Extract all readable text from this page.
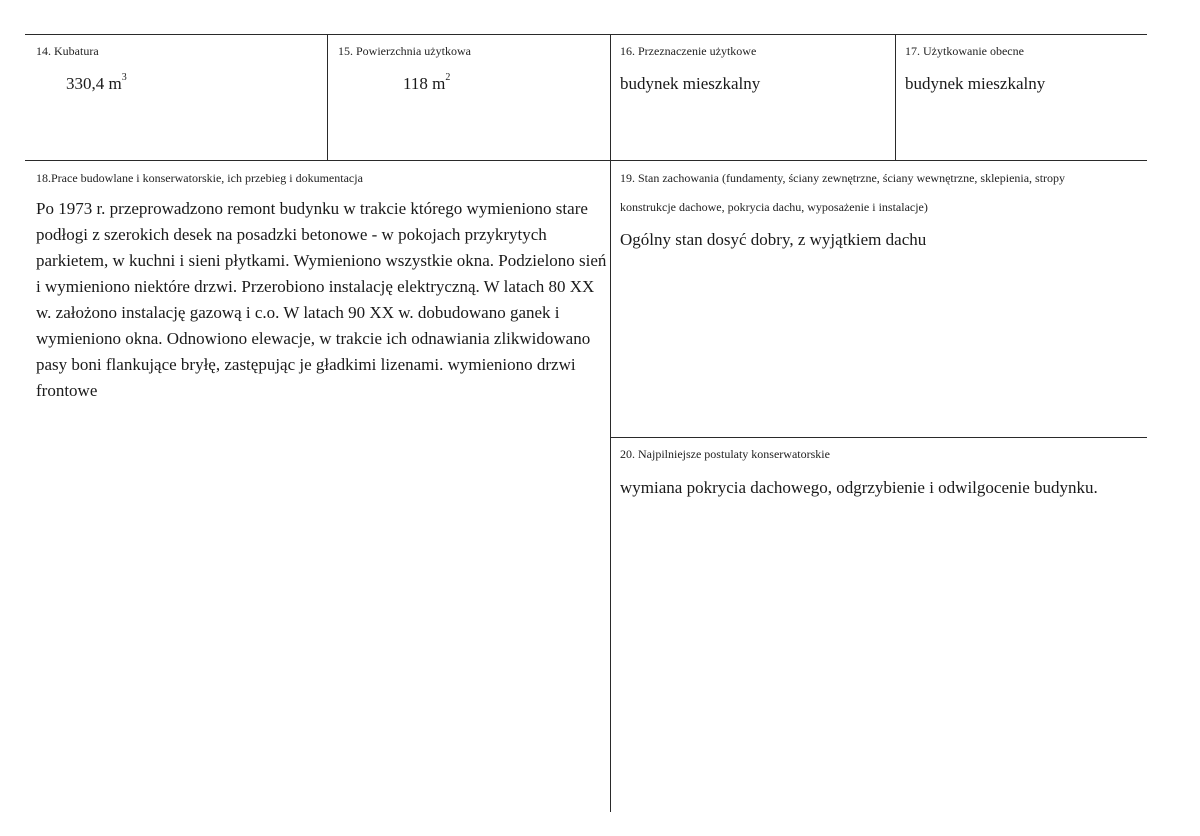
14. Kubatura
330,4 $m^3$
15. Powierzchnia użytkowa
118 $m^2$
16. Przeznaczenie użytkowe
budynek mieszkalny
17. Użytkowanie obecne
budynek mieszkalny
18.Prace budowlane i konserwatorskie, ich przebieg i dokumentacja
Po 1973 r. przeprowadzono remont budynku w trakcie którego wymieniono stare
podłogi z szerokich desek na posadzki betonowe - w pokojach przykrytych
parkietem, w kuchni i sieni płytkami. Wymieniono wszystkie okna. Podzielono sień
i wymieniono niektóre drzwi. Przerobiono instalację elektryczną. W latach 80 XX
w. założono instalację gazową i c.o. W latach 90 XX w. dobudowano ganek i
wymieniono okna. Odnowiono elewacje, w trakcie ich odnawiania zlikwidowano
pasy boni flankujące bryłę, zastępując je gładkimi lizenami. wymieniono drzwi
frontowe
19. Stan zachowania (fundamenty, ściany zewnętrzne, ściany wewnętrzne, sklepienia, stropy
konstrukcje dachowe, pokrycia dachu, wyposażenie i instalacje)
Ogólny stan dosyć dobry, z wyjątkiem dachu
20. Najpilniejsze postulaty konserwatorskie
wymiana pokrycia dachowego, odgrzybienie i odwilgocenie budynku.
